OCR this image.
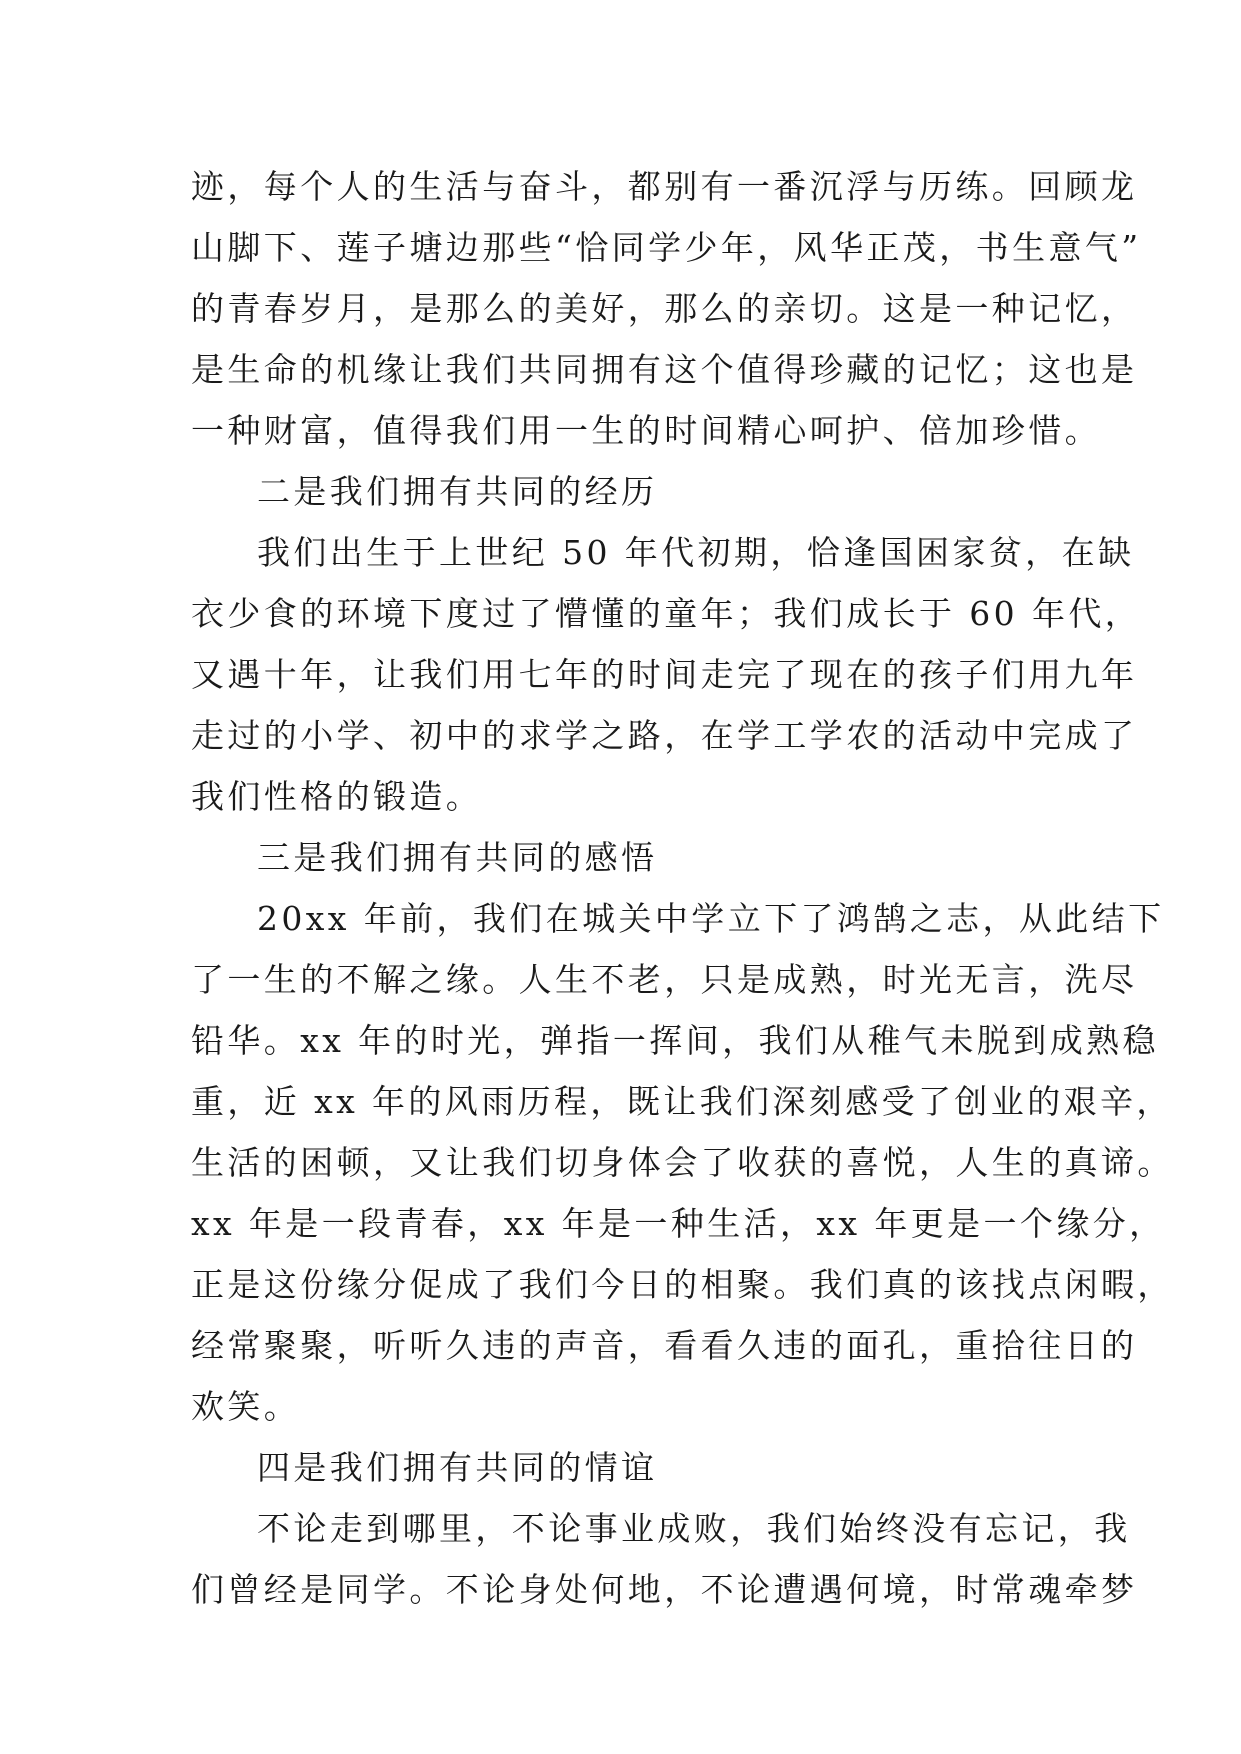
迹，每个人的生活与奋斗，都别有一番沉浮与历练。回顾龙
山脚下、莲子塘边那些“恰同学少年，风华正茂，书生意气”
的青春岁月，是那么的美好，那么的亲切。这是一种记忆，
是生命的机缘让我们共同拥有这个值得珍藏的记忆；这也是
一种财富，值得我们用一生的时间精心呵护、倍加珍惜。
二是我们拥有共同的经历
我们出生于上世纪 50 年代初期，恰逢国困家贫，在缺
衣少食的环境下度过了懵懂的童年；我们成长于 60 年代，
又遇十年，让我们用七年的时间走完了现在的孩子们用九年
走过的小学、初中的求学之路，在学工学农的活动中完成了
我们性格的锻造。
三是我们拥有共同的感悟
20xx 年前，我们在城关中学立下了鸿鹄之志，从此结下
了一生的不解之缘。人生不老，只是成熟，时光无言，洗尽
铅华。xx 年的时光，弹指一挥间，我们从稚气未脱到成熟稳
重，近 xx 年的风雨历程，既让我们深刻感受了创业的艰辛，
生活的困顿，又让我们切身体会了收获的喜悦，人生的真谛。
xx 年是一段青春，xx 年是一种生活，xx 年更是一个缘分，
正是这份缘分促成了我们今日的相聚。我们真的该找点闲暇，
经常聚聚，听听久违的声音，看看久违的面孔，重拾往日的
欢笑。
四是我们拥有共同的情谊
不论走到哪里，不论事业成败，我们始终没有忘记，我
们曾经是同学。不论身处何地，不论遭遇何境，时常魂牵梦
